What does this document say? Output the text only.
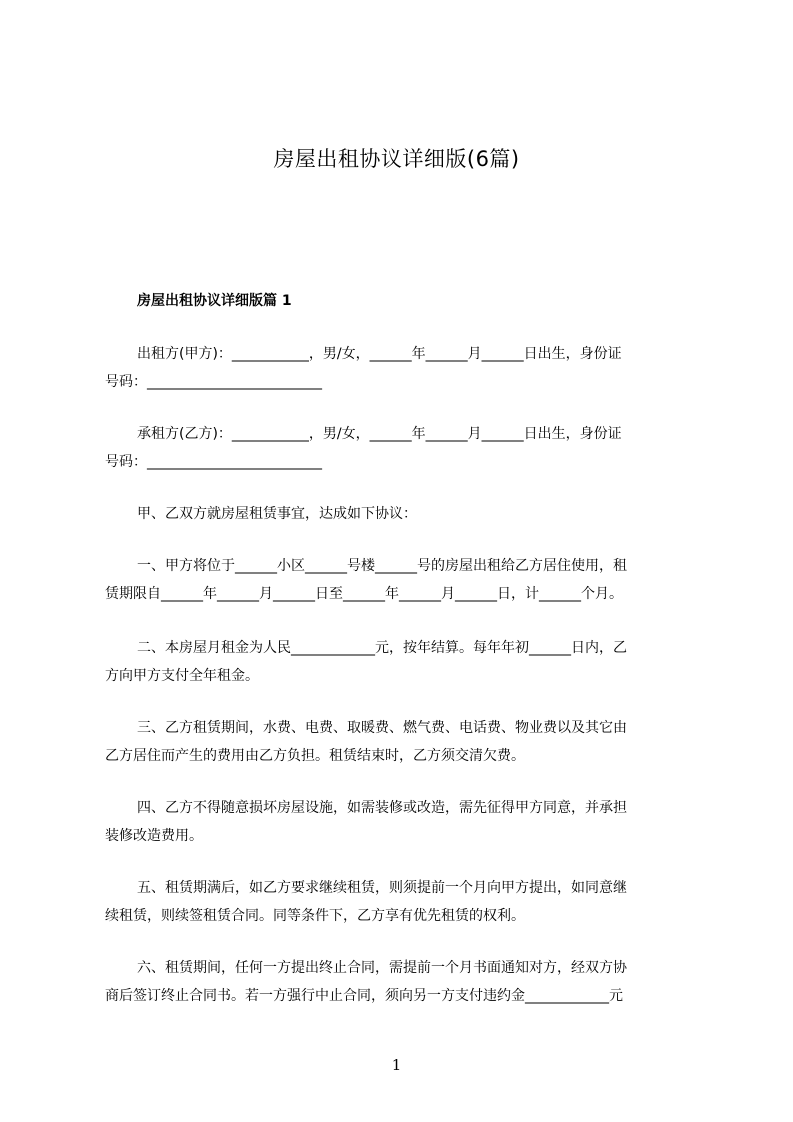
房屋出租协议详细版(6篇)
房屋出租协议详细版篇 1
出租方(甲方)：___________，男/女，______年______月______日出生，身份证
号码：_________________________
承租方(乙方)：___________，男/女，______年______月______日出生，身份证
号码：_________________________
甲、乙双方就房屋租赁事宜，达成如下协议：
一、甲方将位于______小区______号楼______号的房屋出租给乙方居住使用，租
赁期限自______年______月______日至______年______月______日，计______个月。
二、本房屋月租金为人民____________元，按年结算。每年年初______日内，乙
方向甲方支付全年租金。
三、乙方租赁期间，水费、电费、取暖费、燃气费、电话费、物业费以及其它由
乙方居住而产生的费用由乙方负担。租赁结束时，乙方须交清欠费。
四、乙方不得随意损坏房屋设施，如需装修或改造，需先征得甲方同意，并承担
装修改造费用。
五、租赁期满后，如乙方要求继续租赁，则须提前一个月向甲方提出，如同意继
续租赁，则续签租赁合同。同等条件下，乙方享有优先租赁的权利。
六、租赁期间，任何一方提出终止合同，需提前一个月书面通知对方，经双方协
商后签订终止合同书。若一方强行中止合同，须向另一方支付违约金____________元
1
